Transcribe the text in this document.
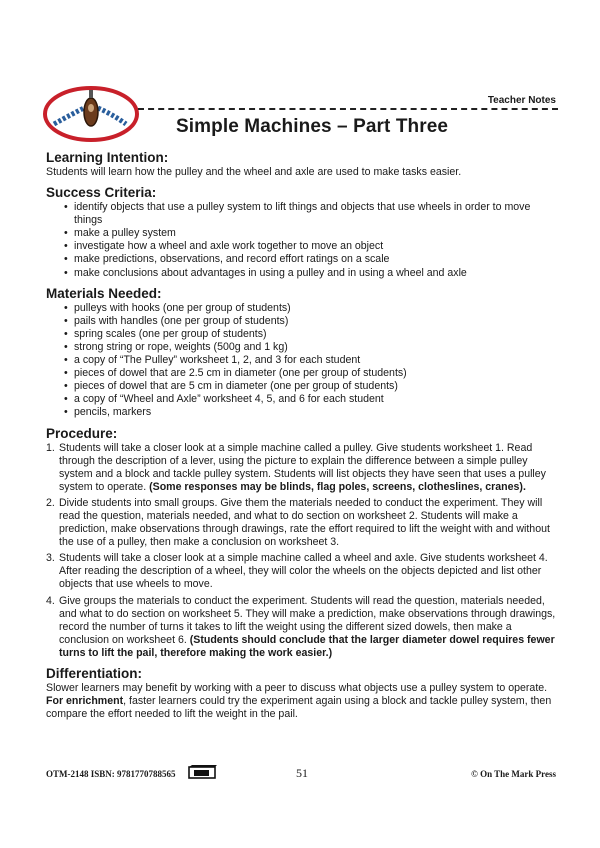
Teacher Notes
Simple Machines – Part Three
Learning Intention:
Students will learn how the pulley and the wheel and axle are used to make tasks easier.
Success Criteria:
• identify objects that use a pulley system to lift things and objects that use wheels in order to move things
• make a pulley system
• investigate how a wheel and axle work together to move an object
• make predictions, observations, and record effort ratings on a scale
• make conclusions about advantages in using a pulley and in using a wheel and axle
Materials Needed:
• pulleys with hooks (one per group of students)
• pails with handles (one per group of students)
• spring scales (one per group of students)
• strong string or rope, weights (500g and 1 kg)
• a copy of “The Pulley” worksheet 1, 2, and 3 for each student
• pieces of dowel that are 2.5 cm in diameter (one per group of students)
• pieces of dowel that are 5 cm in diameter (one per group of students)
• a copy of “Wheel and Axle” worksheet 4, 5, and 6 for each student
• pencils, markers
Procedure:
1. Students will take a closer look at a simple machine called a pulley. Give students worksheet 1. Read through the description of a lever, using the picture to explain the difference between a simple pulley system and a block and tackle pulley system. Students will list objects they have seen that uses a pulley system to operate. (Some responses may be blinds, flag poles, screens, clotheslines, cranes).
2. Divide students into small groups. Give them the materials needed to conduct the experiment. They will read the question, materials needed, and what to do section on worksheet 2. Students will make a prediction, make observations through drawings, rate the effort required to lift the weight with and without the use of a pulley, then make a conclusion on worksheet 3.
3. Students will take a closer look at a simple machine called a wheel and axle. Give students worksheet 4. After reading the description of a wheel, they will color the wheels on the objects depicted and list other objects that use wheels to move.
4. Give groups the materials to conduct the experiment. Students will read the question, materials needed, and what to do section on worksheet 5. They will make a prediction, make observations through drawings, record the number of turns it takes to lift the weight using the different sized dowels, then make a conclusion on worksheet 6. (Students should conclude that the larger diameter dowel requires fewer turns to lift the pail, therefore making the work easier.)
Differentiation:
Slower learners may benefit by working with a peer to discuss what objects use a pulley system to operate. For enrichment, faster learners could try the experiment again using a block and tackle pulley system, then compare the effort needed to lift the weight in the pail.
OTM-2148 ISBN: 9781770788565	51	© On The Mark Press
